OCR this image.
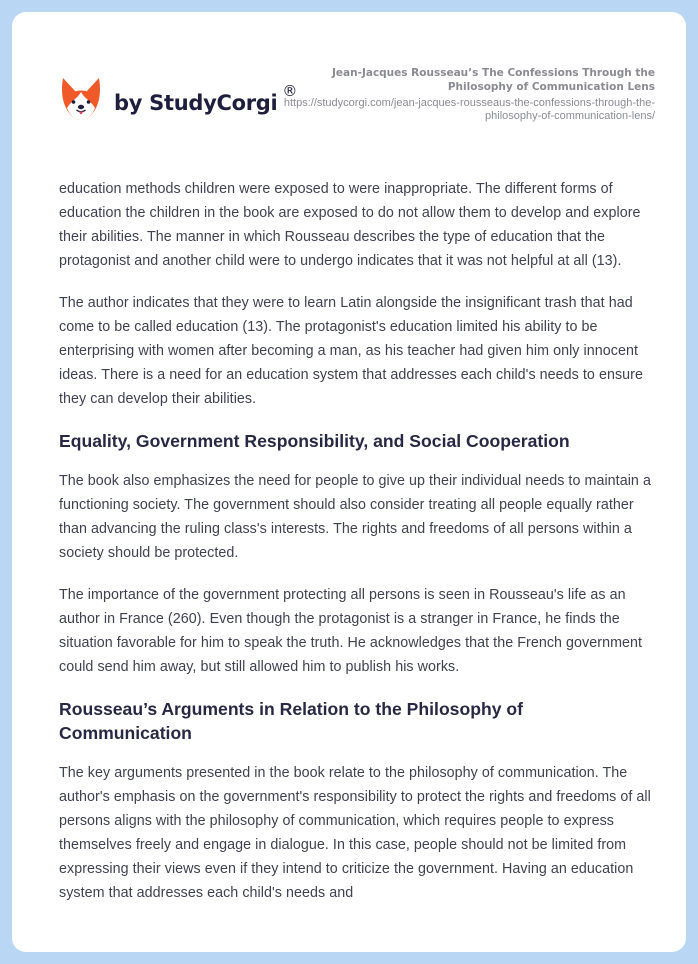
by StudyCorgi ®
Jean-Jacques Rousseau’s The Confessions Through the Philosophy of Communication Lens
https://studycorgi.com/jean-jacques-rousseaus-the-confessions-through-the-philosophy-of-communication-lens/

education methods children were exposed to were inappropriate. The different forms of education the children in the book are exposed to do not allow them to develop and explore their abilities. The manner in which Rousseau describes the type of education that the protagonist and another child were to undergo indicates that it was not helpful at all (13).

The author indicates that they were to learn Latin alongside the insignificant trash that had come to be called education (13). The protagonist's education limited his ability to be enterprising with women after becoming a man, as his teacher had given him only innocent ideas. There is a need for an education system that addresses each child's needs to ensure they can develop their abilities.

Equality, Government Responsibility, and Social Cooperation

The book also emphasizes the need for people to give up their individual needs to maintain a functioning society. The government should also consider treating all people equally rather than advancing the ruling class's interests. The rights and freedoms of all persons within a society should be protected.

The importance of the government protecting all persons is seen in Rousseau's life as an author in France (260). Even though the protagonist is a stranger in France, he finds the situation favorable for him to speak the truth. He acknowledges that the French government could send him away, but still allowed him to publish his works.

Rousseau’s Arguments in Relation to the Philosophy of Communication

The key arguments presented in the book relate to the philosophy of communication. The author's emphasis on the government's responsibility to protect the rights and freedoms of all persons aligns with the philosophy of communication, which requires people to express themselves freely and engage in dialogue. In this case, people should not be limited from expressing their views even if they intend to criticize the government. Having an education system that addresses each child's needs and
